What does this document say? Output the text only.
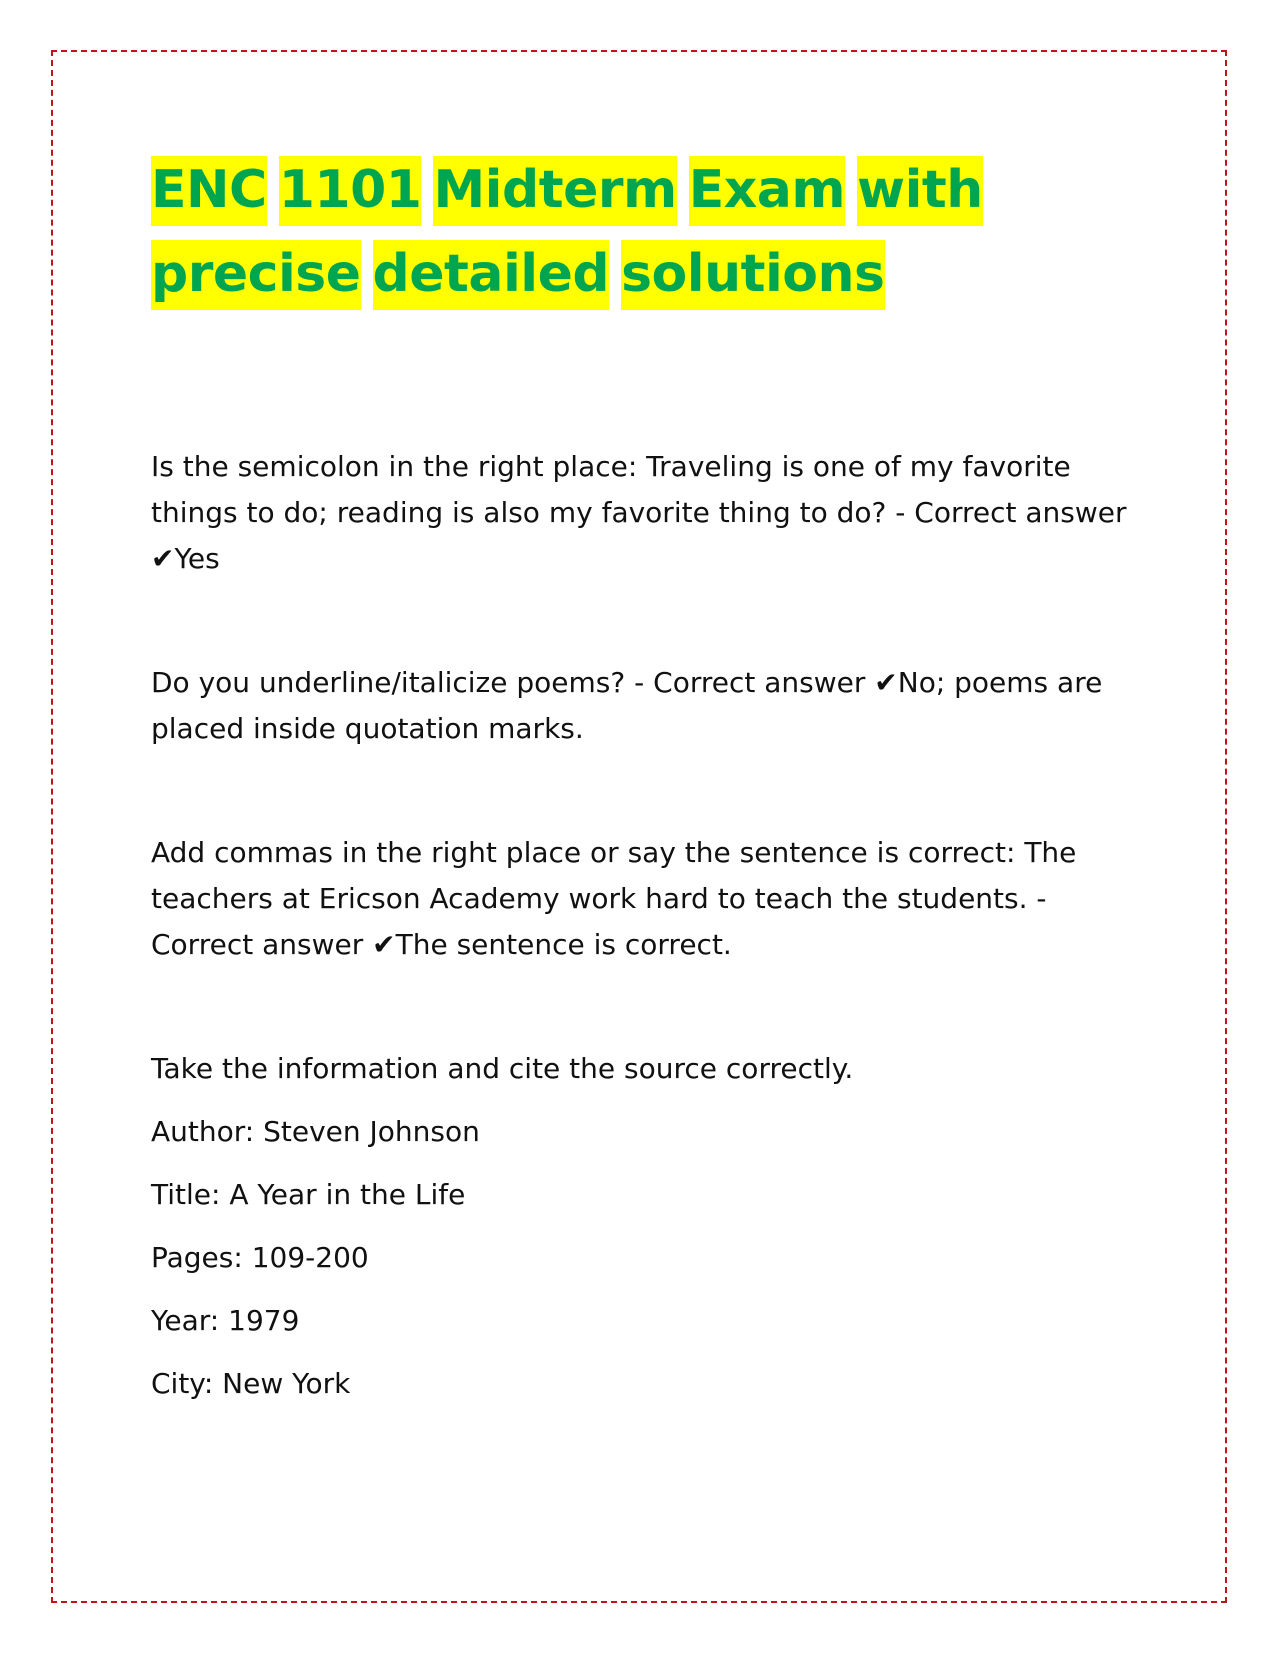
ENC 1101 Midterm Exam with
precise detailed solutions

Is the semicolon in the right place: Traveling is one of my favorite things to do; reading is also my favorite thing to do? - Correct answer ✔Yes

Do you underline/italicize poems? - Correct answer ✔No; poems are placed inside quotation marks.

Add commas in the right place or say the sentence is correct: The teachers at Ericson Academy work hard to teach the students. - Correct answer ✔The sentence is correct.

Take the information and cite the source correctly.

Author: Steven Johnson

Title: A Year in the Life

Pages: 109-200

Year: 1979

City: New York
